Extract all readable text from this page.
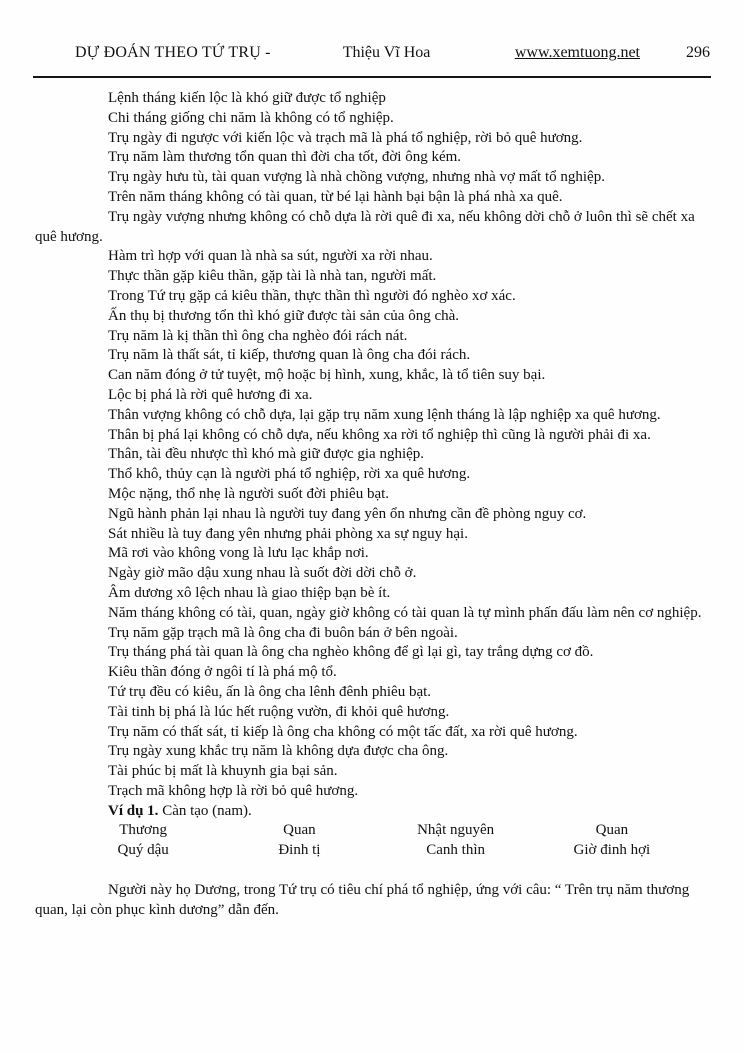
DỰ ĐOÁN THEO TỨ TRỤ -	Thiệu Vĩ Hoa	www.xemtuong.net	296

Lệnh tháng kiến lộc là khó giữ được tổ nghiệp

Chi tháng giống chi năm là không có tổ nghiệp.

Trụ ngày đi ngược với kiến lộc và trạch mã là phá tổ nghiệp, rời bỏ quê hương.

Trụ năm làm thương tổn quan thì đời cha tốt, đời ông kém.

Trụ ngày hưu tù, tài quan vượng là nhà chồng vượng, nhưng nhà vợ mất tổ nghiệp.

Trên năm tháng không có tài quan, từ bé lại hành bại bận là phá nhà xa quê.

Trụ ngày vượng nhưng không có chỗ dựa là rời quê đi xa, nếu không dời chỗ ở luôn thì sẽ chết xa quê hương.

Hàm trì hợp với quan là nhà sa sút, người xa rời nhau.

Thực thần gặp kiêu thần, gặp tài là nhà tan, người mất.

Trong Tứ trụ gặp cả kiêu thần, thực thần thì người đó nghèo xơ xác.

Ấn thụ bị thương tổn thì khó giữ được tài sản của ông chà.

Trụ năm là kị thần thì ông cha nghèo đói rách nát.

Trụ năm là thất sát, tỉ kiếp, thương quan là ông cha đói rách.

Can năm đóng ở tử tuyệt, mộ hoặc bị hình, xung, khắc, là tổ tiên suy bại.

Lộc bị phá là rời quê hương đi xa.

Thân vượng không có chỗ dựa, lại gặp trụ năm xung lệnh tháng là lập nghiệp xa quê hương.

Thân bị phá lại không có chỗ dựa, nếu không xa rời tổ nghiệp thì cũng là người phải đi xa.

Thân, tài đều nhược thì khó mà giữ được gia nghiệp.

Thổ khô, thủy cạn là người phá tổ nghiệp, rời xa quê hương.

Mộc nặng, thổ nhẹ là người suốt đời phiêu bạt.

Ngũ hành phản lại nhau là người tuy đang yên ổn nhưng cần đề phòng nguy cơ.

Sát nhiều là tuy đang yên nhưng phải phòng xa sự nguy hại.

Mã rơi vào không vong là lưu lạc khắp nơi.

Ngày giờ mão dậu xung nhau là suốt đời dời chỗ ở.

Âm dương xô lệch nhau là giao thiệp bạn bè ít.

Năm tháng không có tài, quan, ngày giờ không có tài quan là tự mình phấn đấu làm nên cơ nghiệp.

Trụ năm gặp trạch mã là ông cha đi buôn bán ở bên ngoài.

Trụ tháng phá tài quan là ông cha nghèo không để gì lại gì, tay trắng dựng cơ đồ.

Kiêu thần đóng ở ngôi tí là phá mộ tổ.

Tứ trụ đều có kiêu, ấn là ông cha lênh đênh phiêu bạt.

Tài tinh bị phá là lúc hết ruộng vườn, đi khỏi quê hương.

Trụ năm có thất sát, tỉ kiếp là ông cha không có một tấc đất, xa rời quê hương.

Trụ ngày xung khắc trụ năm là không dựa được cha ông.

Tài phúc bị mất là khuynh gia bại sản.

Trạch mã không hợp là rời bỏ quê hương.

Ví dụ 1. Càn tạo (nam).

Thương	Quan	Nhật nguyên	Quan
Quý dậu	Đinh tị	Canh thìn	Giờ đinh hợi

Người này họ Dương, trong Tứ trụ có tiêu chí phá tổ nghiệp, ứng với câu: “ Trên trụ năm thương quan, lại còn phục kình dương” dẫn đến.
